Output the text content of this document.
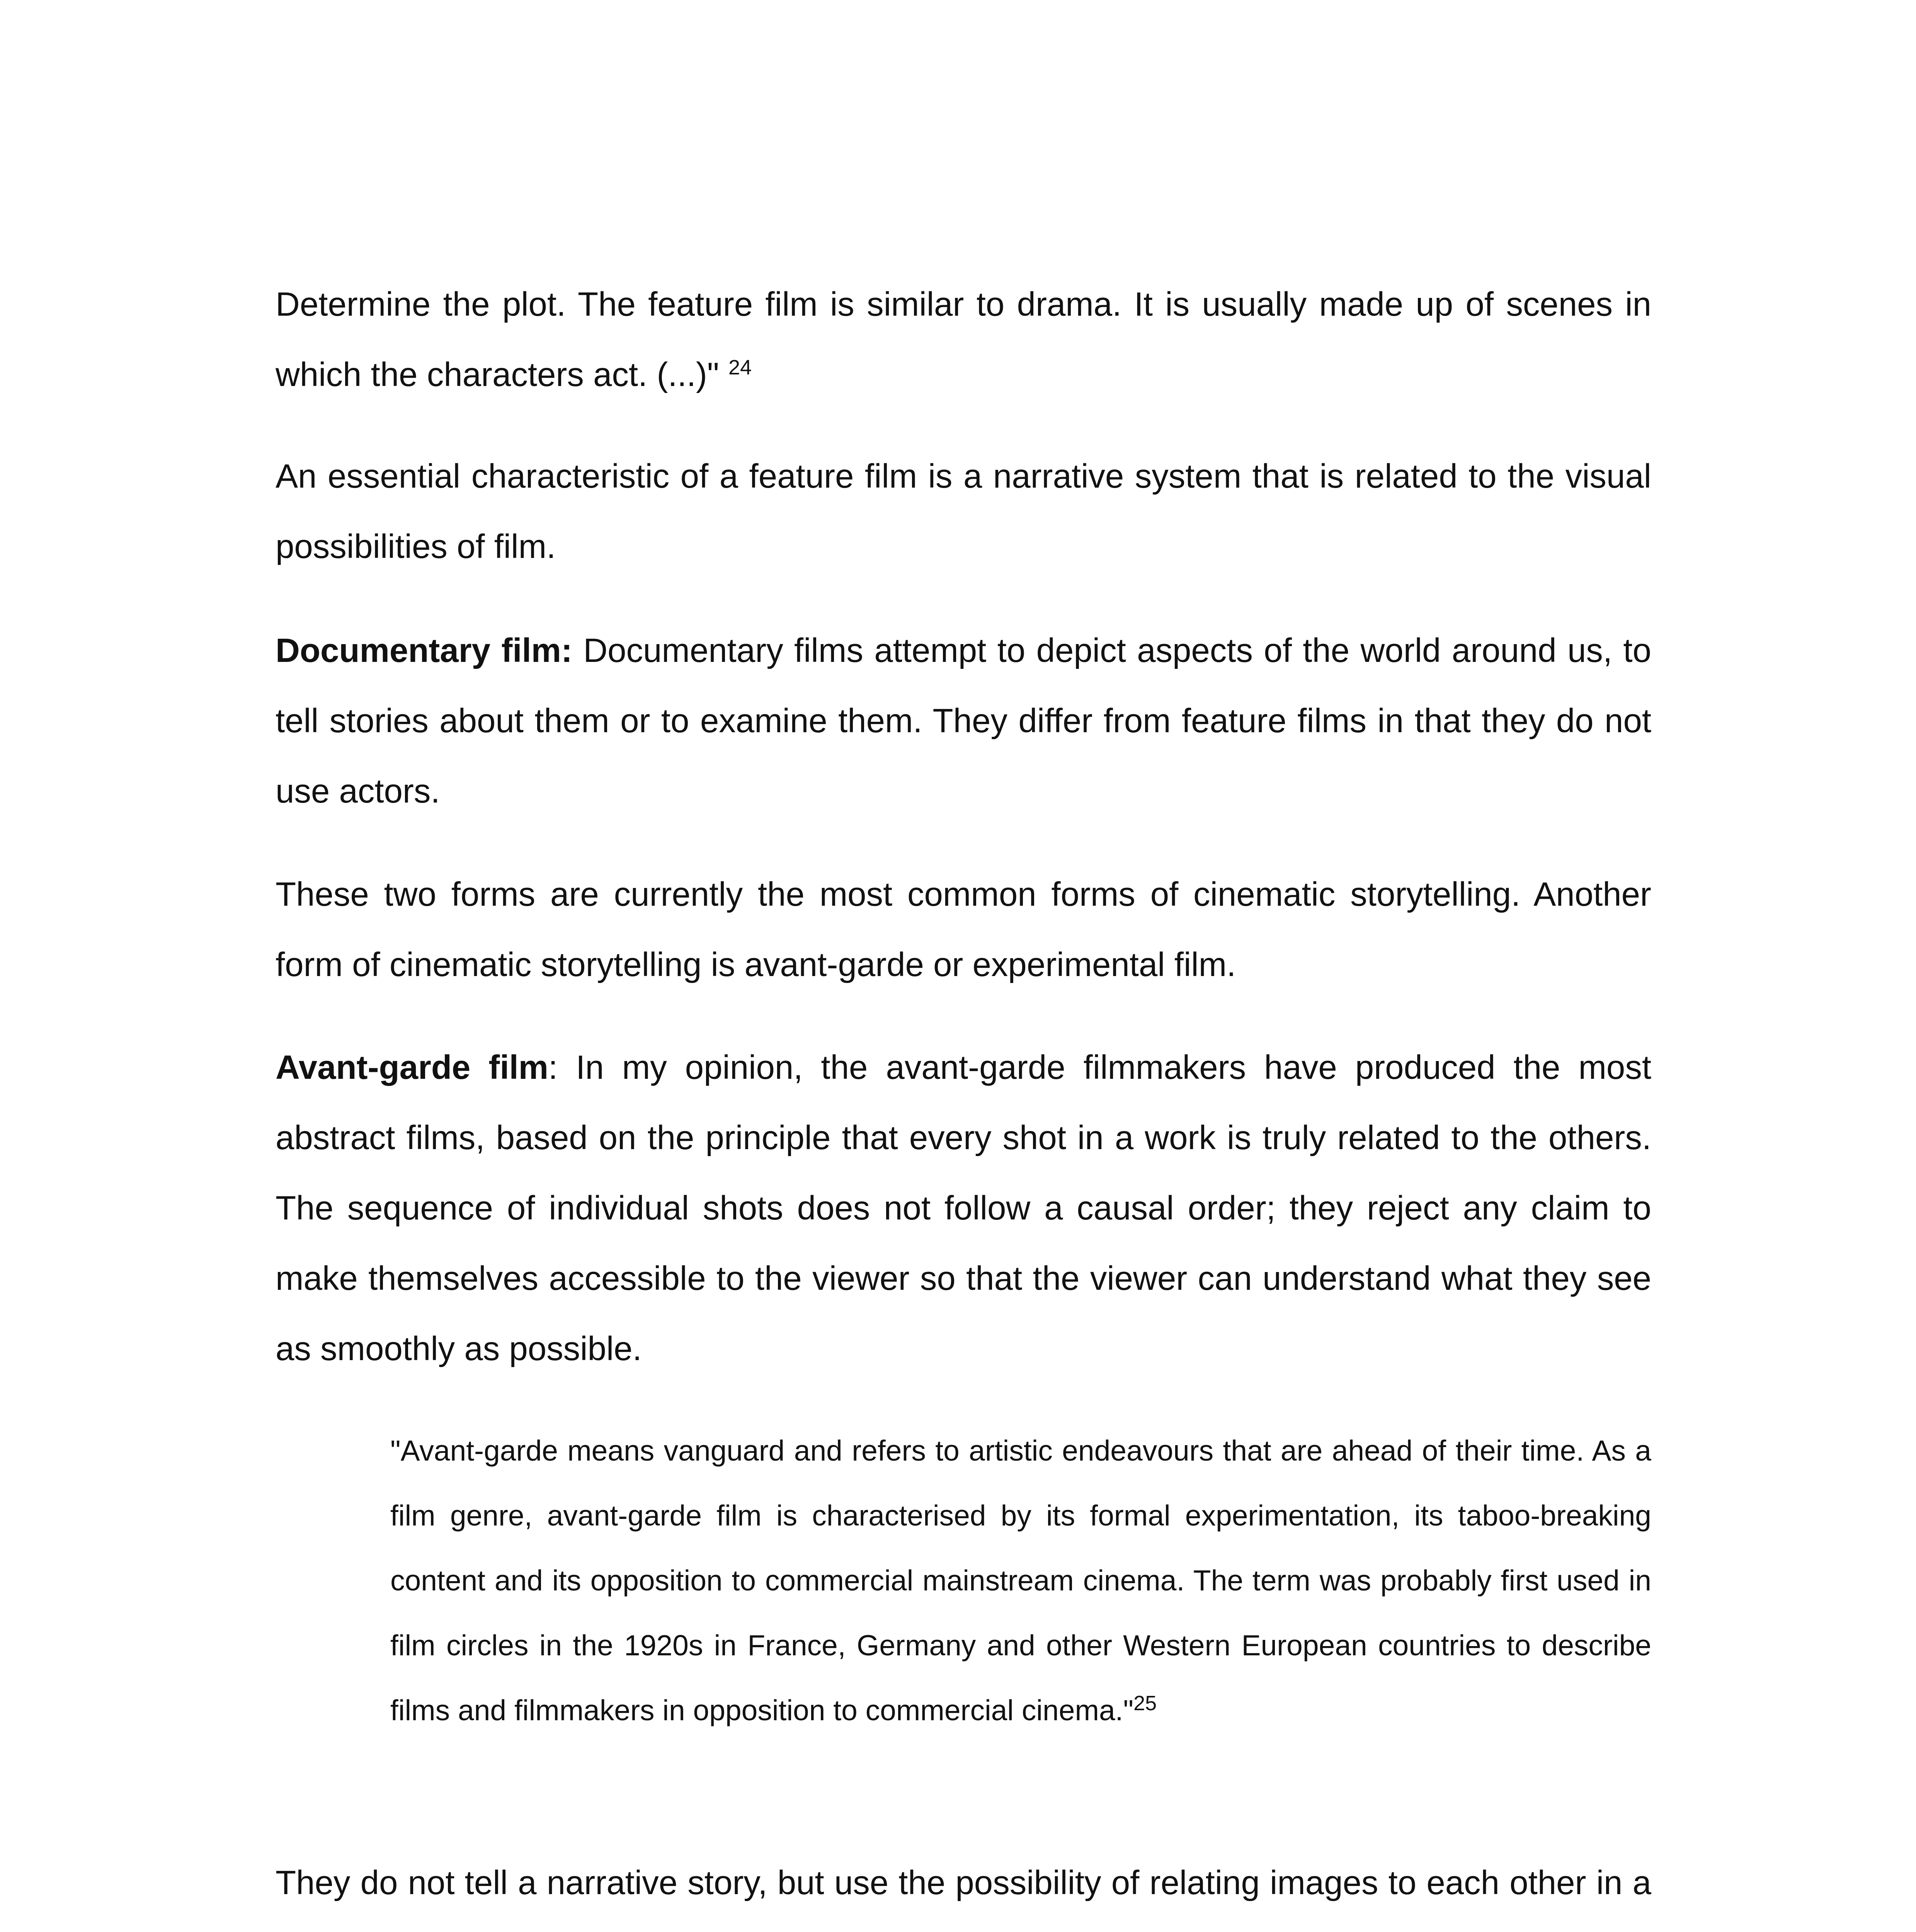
Determine the plot. The feature film is similar to drama. It is usually made up of scenes in which the characters act. (...)" $^{24}$

An essential characteristic of a feature film is a narrative system that is related to the visual possibilities of film.

Documentary film: Documentary films attempt to depict aspects of the world around us, to tell stories about them or to examine them. They differ from feature films in that they do not use actors.

These two forms are currently the most common forms of cinematic storytelling. Another form of cinematic storytelling is avant-garde or experimental film.

Avant-garde film: In my opinion, the avant-garde filmmakers have produced the most abstract films, based on the principle that every shot in a work is truly related to the others. The sequence of individual shots does not follow a causal order; they reject any claim to make themselves accessible to the viewer so that the viewer can understand what they see as smoothly as possible.

"Avant-garde means vanguard and refers to artistic endeavours that are ahead of their time. As a film genre, avant-garde film is characterised by its formal experimentation, its taboo-breaking content and its opposition to commercial mainstream cinema. The term was probably first used in film circles in the 1920s in France, Germany and other Western European countries to describe films and filmmakers in opposition to commercial cinema."$^{25}$

They do not tell a narrative story, but use the possibility of relating images to each other in a
